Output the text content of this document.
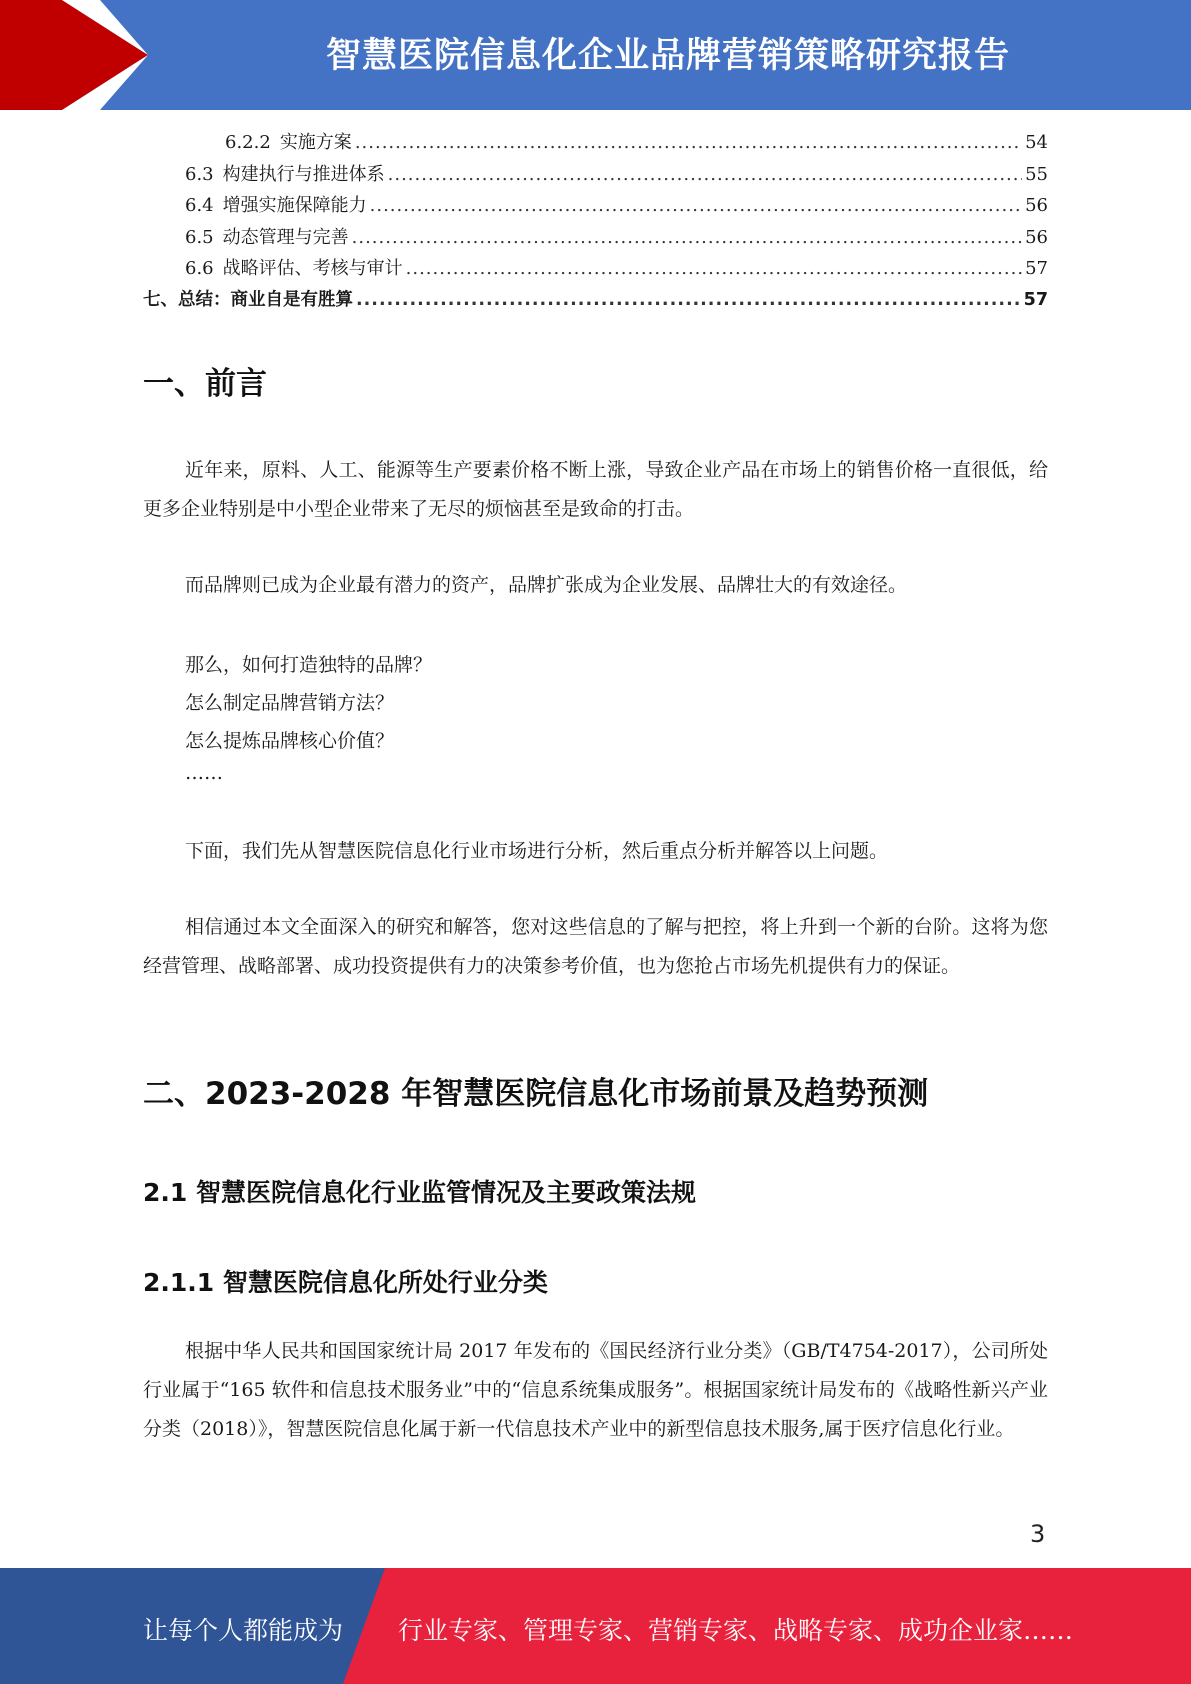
智慧医院信息化企业品牌营销策略研究报告
6.2.2 实施方案 .....	54
6.3 构建执行与推进体系 .....	55
6.4 增强实施保障能力 .....	56
6.5 动态管理与完善 .....	56
6.6 战略评估、考核与审计 .....	57
七、总结：商业自是有胜算 .....	57
一、前言

近年来，原料、人工、能源等生产要素价格不断上涨，导致企业产品在市场上的销售价格一直很低，给更多企业特别是中小型企业带来了无尽的烦恼甚至是致命的打击。

而品牌则已成为企业最有潜力的资产，品牌扩张成为企业发展、品牌壮大的有效途径。

那么，如何打造独特的品牌？

怎么制定品牌营销方法？

怎么提炼品牌核心价值？

……

下面，我们先从智慧医院信息化行业市场进行分析，然后重点分析并解答以上问题。

相信通过本文全面深入的研究和解答，您对这些信息的了解与把控，将上升到一个新的台阶。这将为您经营管理、战略部署、成功投资提供有力的决策参考价值，也为您抢占市场先机提供有力的保证。

二、2023-2028 年智慧医院信息化市场前景及趋势预测
2.1 智慧医院信息化行业监管情况及主要政策法规
2.1.1 智慧医院信息化所处行业分类

根据中华人民共和国国家统计局 2017 年发布的《国民经济行业分类》（GB/T4754-2017），公司所处行业属于“165 软件和信息技术服务业”中的“信息系统集成服务”。根据国家统计局发布的《战略性新兴产业分类（2018）》，智慧医院信息化属于新一代信息技术产业中的新型信息技术服务,属于医疗信息化行业。

3
让每个人都能成为 行业专家、管理专家、营销专家、战略专家、成功企业家……
